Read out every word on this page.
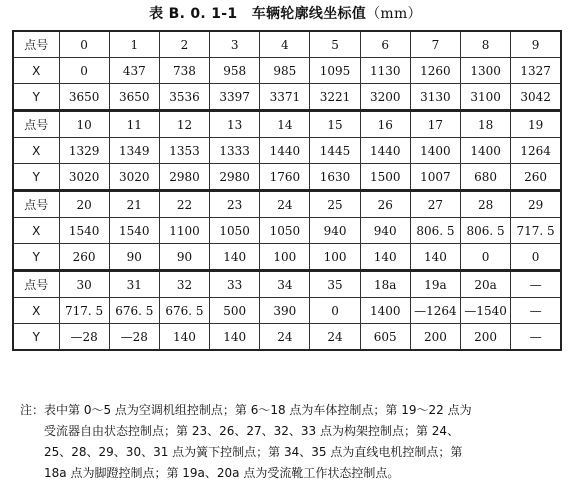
表 B. 0. 1-1　车辆轮廓线坐标值（mm）
点号	0	1	2	3	4	5	6	7	8	9
X	0	437	738	958	985	1095	1130	1260	1300	1327
Y	3650	3650	3536	3397	3371	3221	3200	3130	3100	3042
点号	10	11	12	13	14	15	16	17	18	19
X	1329	1349	1353	1333	1440	1445	1440	1400	1400	1264
Y	3020	3020	2980	2980	1760	1630	1500	1007	680	260
点号	20	21	22	23	24	25	26	27	28	29
X	1540	1540	1100	1050	1050	940	940	806. 5	806. 5	717. 5
Y	260	90	90	140	100	100	140	140	0	0
点号	30	31	32	33	34	35	18a	19a	20a	—
X	717. 5	676. 5	676. 5	500	390	0	1400	—1264	—1540	—
Y	—28	—28	140	140	24	24	605	200	200	—
注：表中第 0～5 点为空调机组控制点；第 6～18 点为车体控制点；第 19～22 点为
　　受流器自由状态控制点；第 23、26、27、32、33 点为构架控制点；第 24、
　　25、28、29、30、31 点为簧下控制点；第 34、35 点为直线电机控制点；第
　　18a 点为脚蹬控制点；第 19a、20a 点为受流靴工作状态控制点。
